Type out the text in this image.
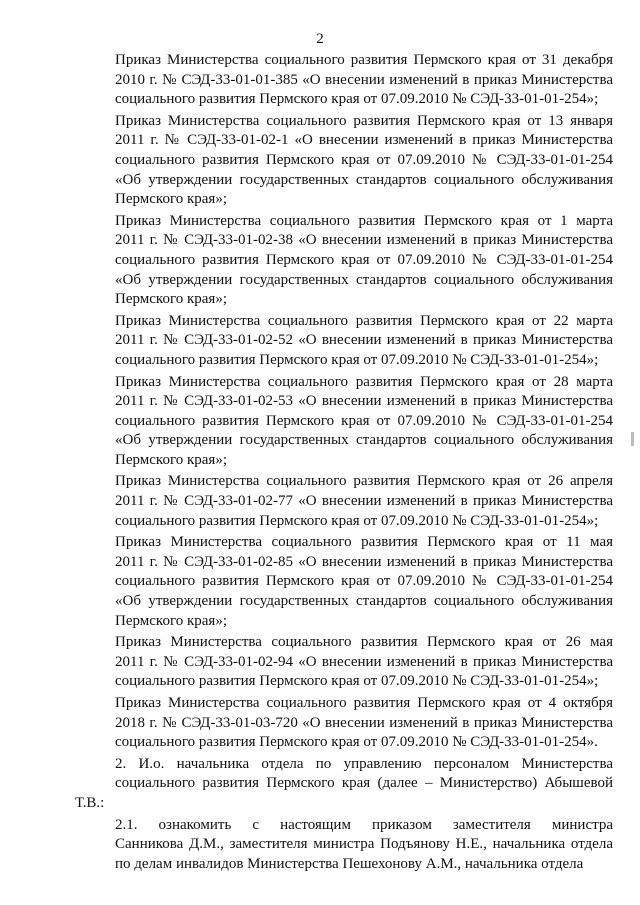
2

Приказ Министерства социального развития Пермского края от 31 декабря
2010 г. № СЭД-33-01-01-385 «О внесении изменений в приказ Министерства
социального развития Пермского края от 07.09.2010 № СЭД-33-01-01-254»;

Приказ Министерства социального развития Пермского края от 13 января
2011 г. № СЭД-33-01-02-1 «О внесении изменений в приказ Министерства
социального развития Пермского края от 07.09.2010 № СЭД-33-01-01-254
«Об утверждении государственных стандартов социального обслуживания
Пермского края»;

Приказ Министерства социального развития Пермского края от 1 марта
2011 г. № СЭД-33-01-02-38 «О внесении изменений в приказ Министерства
социального развития Пермского края от 07.09.2010 № СЭД-33-01-01-254
«Об утверждении государственных стандартов социального обслуживания
Пермского края»;

Приказ Министерства социального развития Пермского края от 22 марта
2011 г. № СЭД-33-01-02-52 «О внесении изменений в приказ Министерства
социального развития Пермского края от 07.09.2010 № СЭД-33-01-01-254»;

Приказ Министерства социального развития Пермского края от 28 марта
2011 г. № СЭД-33-01-02-53 «О внесении изменений в приказ Министерства
социального развития Пермского края от 07.09.2010 № СЭД-33-01-01-254
«Об утверждении государственных стандартов социального обслуживания
Пермского края»;

Приказ Министерства социального развития Пермского края от 26 апреля
2011 г. № СЭД-33-01-02-77 «О внесении изменений в приказ Министерства
социального развития Пермского края от 07.09.2010 № СЭД-33-01-01-254»;

Приказ Министерства социального развития Пермского края от 11 мая
2011 г. № СЭД-33-01-02-85 «О внесении изменений в приказ Министерства
социального развития Пермского края от 07.09.2010 № СЭД-33-01-01-254
«Об утверждении государственных стандартов социального обслуживания
Пермского края»;

Приказ Министерства социального развития Пермского края от 26 мая
2011 г. № СЭД-33-01-02-94 «О внесении изменений в приказ Министерства
социального развития Пермского края от 07.09.2010 № СЭД-33-01-01-254»;

Приказ Министерства социального развития Пермского края от 4 октября
2018 г. № СЭД-33-01-03-720 «О внесении изменений в приказ Министерства
социального развития Пермского края от 07.09.2010 № СЭД-33-01-01-254».

2. И.о. начальника отдела по управлению персоналом Министерства
социального развития Пермского края (далее – Министерство) Абышевой Т.В.:

2.1. ознакомить с настоящим приказом заместителя министра
Санникова Д.М., заместителя министра Подъянову Н.Е., начальника отдела
по делам инвалидов Министерства Пешехонову А.М., начальника отдела
